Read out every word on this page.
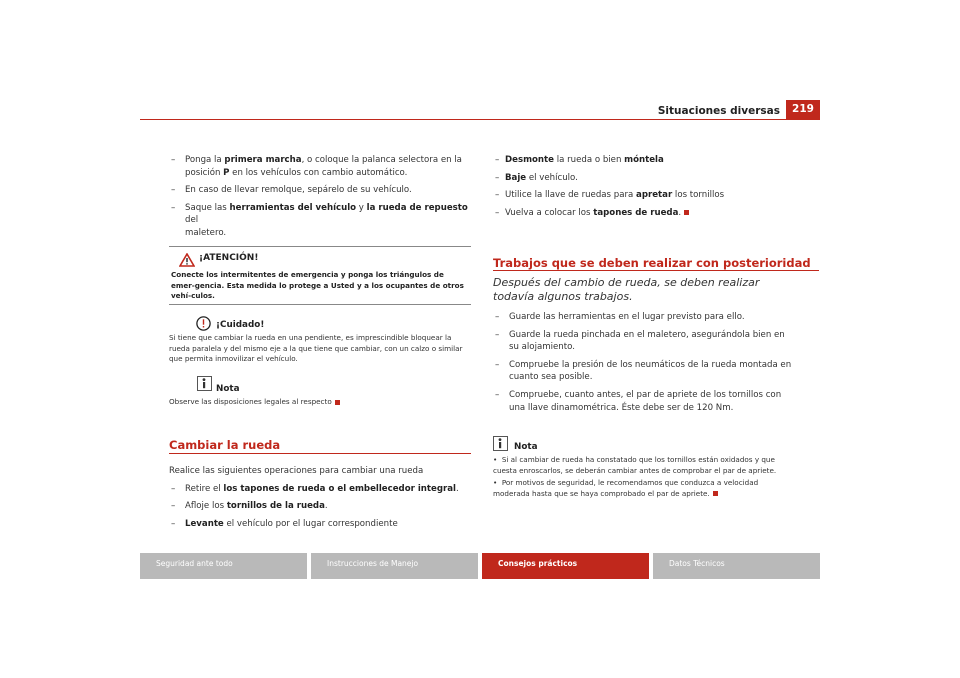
Situaciones diversas	219
– Ponga la primera marcha, o coloque la palanca selectora en la
posición P en los vehículos con cambio automático.
– En caso de llevar remolque, sepárelo de su vehículo.
– Saque las herramientas del vehículo y la rueda de repuesto del
maletero.
¡ATENCIÓN!
Conecte los intermitentes de emergencia y ponga los triángulos de emer-gencia. Esta medida lo protege a Usted y a los ocupantes de otros vehí-culos.
¡Cuidado!
Si tiene que cambiar la rueda en una pendiente, es imprescindible bloquear la rueda paralela y del mismo eje a la que tiene que cambiar, con un calzo o similar que permita inmovilizar el vehículo.
Nota
Observe las disposiciones legales al respecto
Cambiar la rueda

Realice las siguientes operaciones para cambiar una rueda

– Retire el los tapones de rueda o el embellecedor integral.
– Afloje los tornillos de la rueda.
– Levante el vehículo por el lugar correspondiente
– Desmonte la rueda o bien móntela
– Baje el vehículo.
– Utilice la llave de ruedas para apretar los tornillos
– Vuelva a colocar los tapones de rueda.
Trabajos que se deben realizar con posterioridad
Después del cambio de rueda, se deben realizar todavía algunos trabajos.
– Guarde las herramientas en el lugar previsto para ello.
– Guarde la rueda pinchada en el maletero, asegurándola bien en
su alojamiento.
– Compruebe la presión de los neumáticos de la rueda montada en
cuanto sea posible.
– Compruebe, cuanto antes, el par de apriete de los tornillos con
una llave dinamométrica. Éste debe ser de 120 Nm.
Nota
•  Si al cambiar de rueda ha constatado que los tornillos están oxidados y que cuesta enroscarlos, se deberán cambiar antes de comprobar el par de apriete.
•  Por motivos de seguridad, le recomendamos que conduzca a velocidad moderada hasta que se haya comprobado el par de apriete.
Seguridad ante todo	Instrucciones de Manejo	Consejos prácticos	Datos Técnicos
